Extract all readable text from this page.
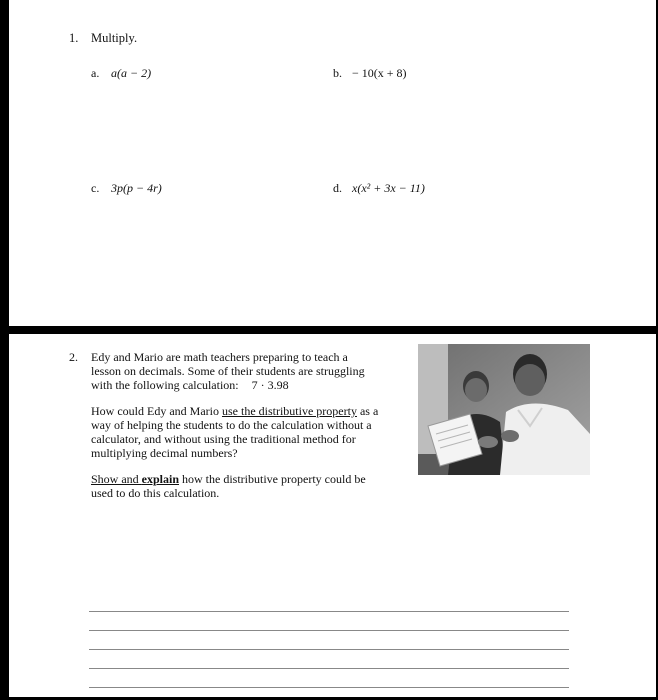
1. Multiply.
a. a(a − 2)	b. − 10(x + 8)
c. 3p(p − 4r)	d. x(x² + 3x − 11)
2. Edy and Mario are math teachers preparing to teach a

lesson on decimals. Some of their students are struggling

with the following calculation: 7 · 3.98

How could Edy and Mario use the distributive property as a way of helping the students to do the calculation without a calculator, and without using the traditional method for multiplying decimal numbers?

Show and explain how the distributive property could be used to do this calculation.
